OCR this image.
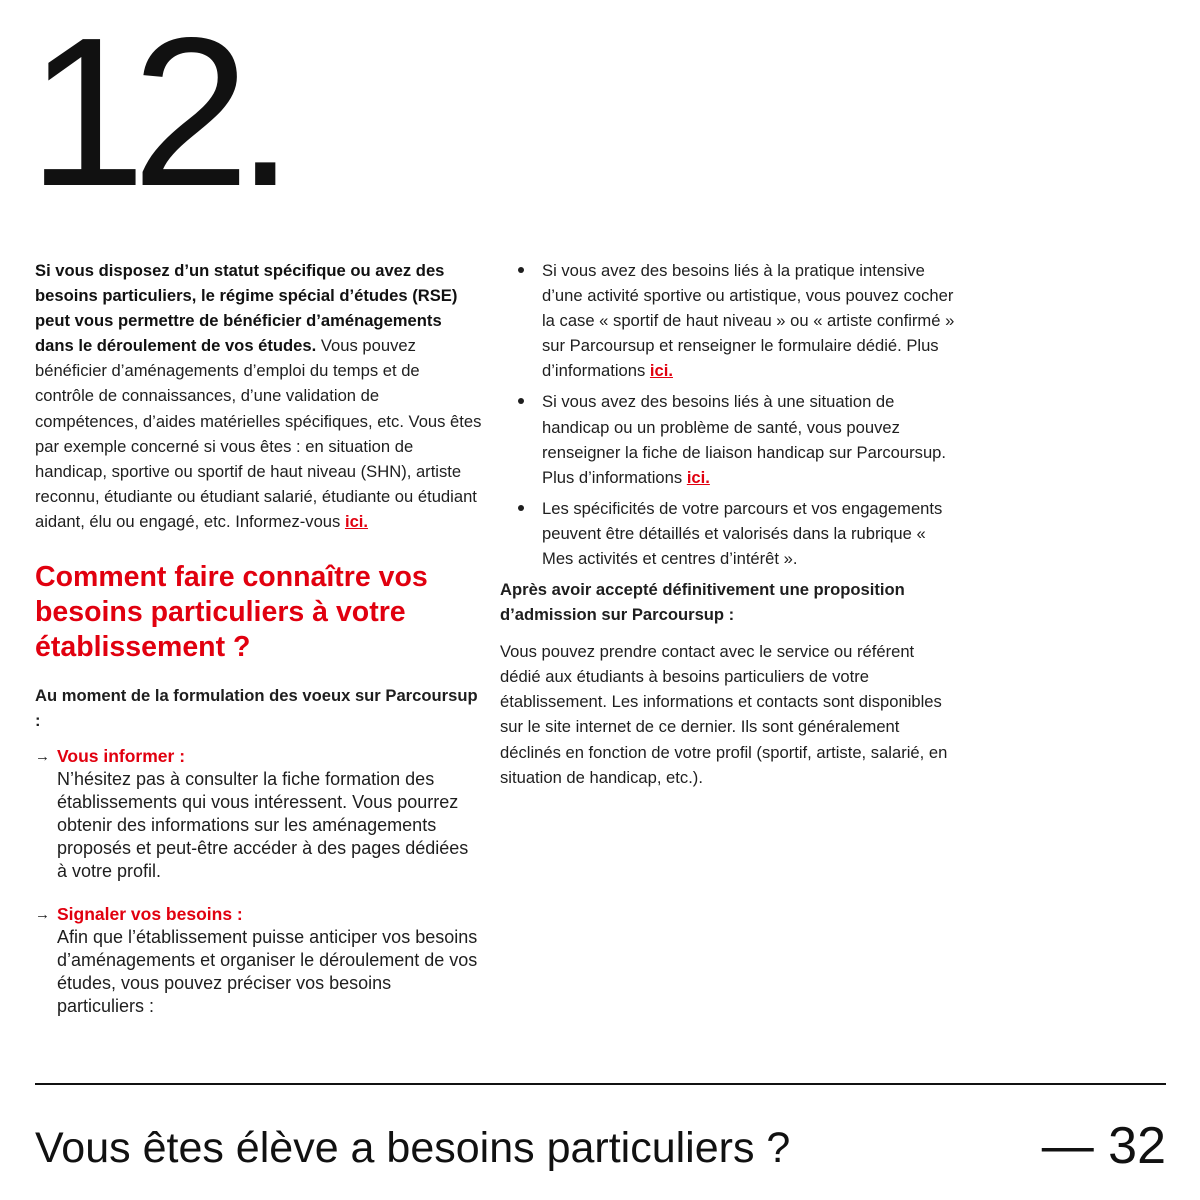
12.

Si vous disposez d’un statut spécifique ou avez des besoins particuliers, le régime spécial d’études (RSE) peut vous permettre de bénéficier d’aménagements dans le déroulement de vos études. Vous pouvez bénéficier d’aménagements d’emploi du temps et de contrôle de connaissances, d’une validation de compétences, d’aides matérielles spécifiques, etc. Vous êtes par exemple concerné si vous êtes : en situation de handicap, sportive ou sportif de haut niveau (SHN), artiste reconnu, étudiante ou étudiant salarié, étudiante ou étudiant aidant, élu ou engagé, etc. Informez-vous ici.

Comment faire connaître vos besoins particuliers à votre établissement ?

Au moment de la formulation des voeux sur Parcoursup :

→ Vous informer :

N’hésitez pas à consulter la fiche formation des établissements qui vous intéressent. Vous pourrez obtenir des informations sur les aménagements proposés et peut-être accéder à des pages dédiées à votre profil.

→ Signaler vos besoins :

Afin que l’établissement puisse anticiper vos besoins d’aménagements et organiser le déroulement de vos études, vous pouvez préciser vos besoins particuliers :

Si vous avez des besoins liés à la pratique intensive d’une activité sportive ou artistique, vous pouvez cocher la case « sportif de haut niveau » ou « artiste confirmé » sur Parcoursup et renseigner le formulaire dédié. Plus d’informations ici.
Si vous avez des besoins liés à une situation de handicap ou un problème de santé, vous pouvez renseigner la fiche de liaison handicap sur Parcoursup. Plus d’informations ici.
Les spécificités de votre parcours et vos engagements peuvent être détaillés et valorisés dans la rubrique « Mes activités et centres d’intérêt ».

Après avoir accepté définitivement une proposition d’admission sur Parcoursup :

Vous pouvez prendre contact avec le service ou référent dédié aux étudiants à besoins particuliers de votre établissement. Les informations et contacts sont disponibles sur le site internet de ce dernier. Ils sont généralement déclinés en fonction de votre profil (sportif, artiste, salarié, en situation de handicap, etc.).

Vous êtes élève a besoins particuliers ?	— 32
